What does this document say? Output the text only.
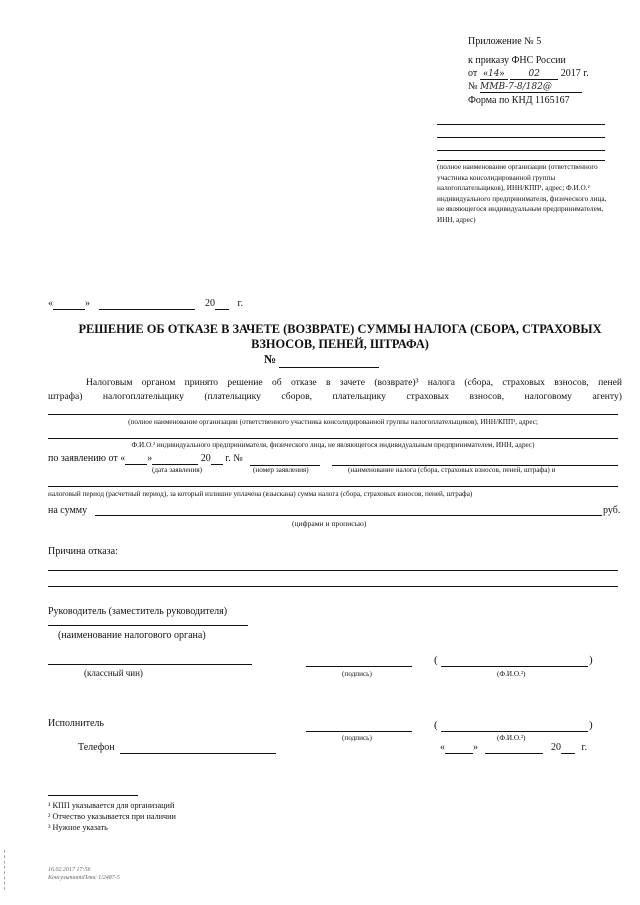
Приложение № 5
к приказу ФНС России
от «14»	02 2017 г.
№ ММВ-7-8/182@
Форма по КНД 1165167
(полное наименование организации (ответственного участника консолидированной группы налогоплательщиков), ИНН/КПП¹, адрес; Ф.И.О.² индивидуального предпринимателя, физического лица, не являющегося индивидуальным предпринимателем, ИНН, адрес)
«	»	20 г.
РЕШЕНИЕ ОБ ОТКАЗЕ В ЗАЧЕТЕ (ВОЗВРАТЕ) СУММЫ НАЛОГА (СБОРА, СТРАХОВЫХ
ВЗНОСОВ, ПЕНЕЙ, ШТРАФА)
№
Налоговым органом принято решение об отказе в зачете (возврате)³ налога (сбора, страховых взносов, пеней
штрафа) налогоплательщику (плательщику сборов, плательщику страховых взносов, налоговому агенту)
(полное наименование организации (ответственного участника консолидированной группы налогоплательщиков), ИНН/КПП¹, адрес;
Ф.И.О.² индивидуального предпринимателя, физического лица, не являющегося индивидуальным предпринимателем, ИНН, адрес)
по заявлению от « »	20 г. №
(дата заявления)	(номер заявления)	(наименование налога (сбора, страховых взносов, пеней, штрафа) и
налоговый период (расчетный период), за который излишне уплачена (взыскана) сумма налога (сбора, страховых взносов, пеней, штрафа)
на сумму	руб.
(цифрами и прописью)
Причина отказа:
Руководитель (заместитель руководителя)
(наименование налогового органа)
(классный чин)	(подпись)
(	)
(Ф.И.О.²)
Исполнитель
(подпись)
(	)
(Ф.И.О.²)
Телефон	«	»	20 г.
¹ КПП указывается для организаций
² Отчество указывается при наличии
³ Нужное указать
16.02.2017 17:56
КонсультантПлюс 1/2487-5
